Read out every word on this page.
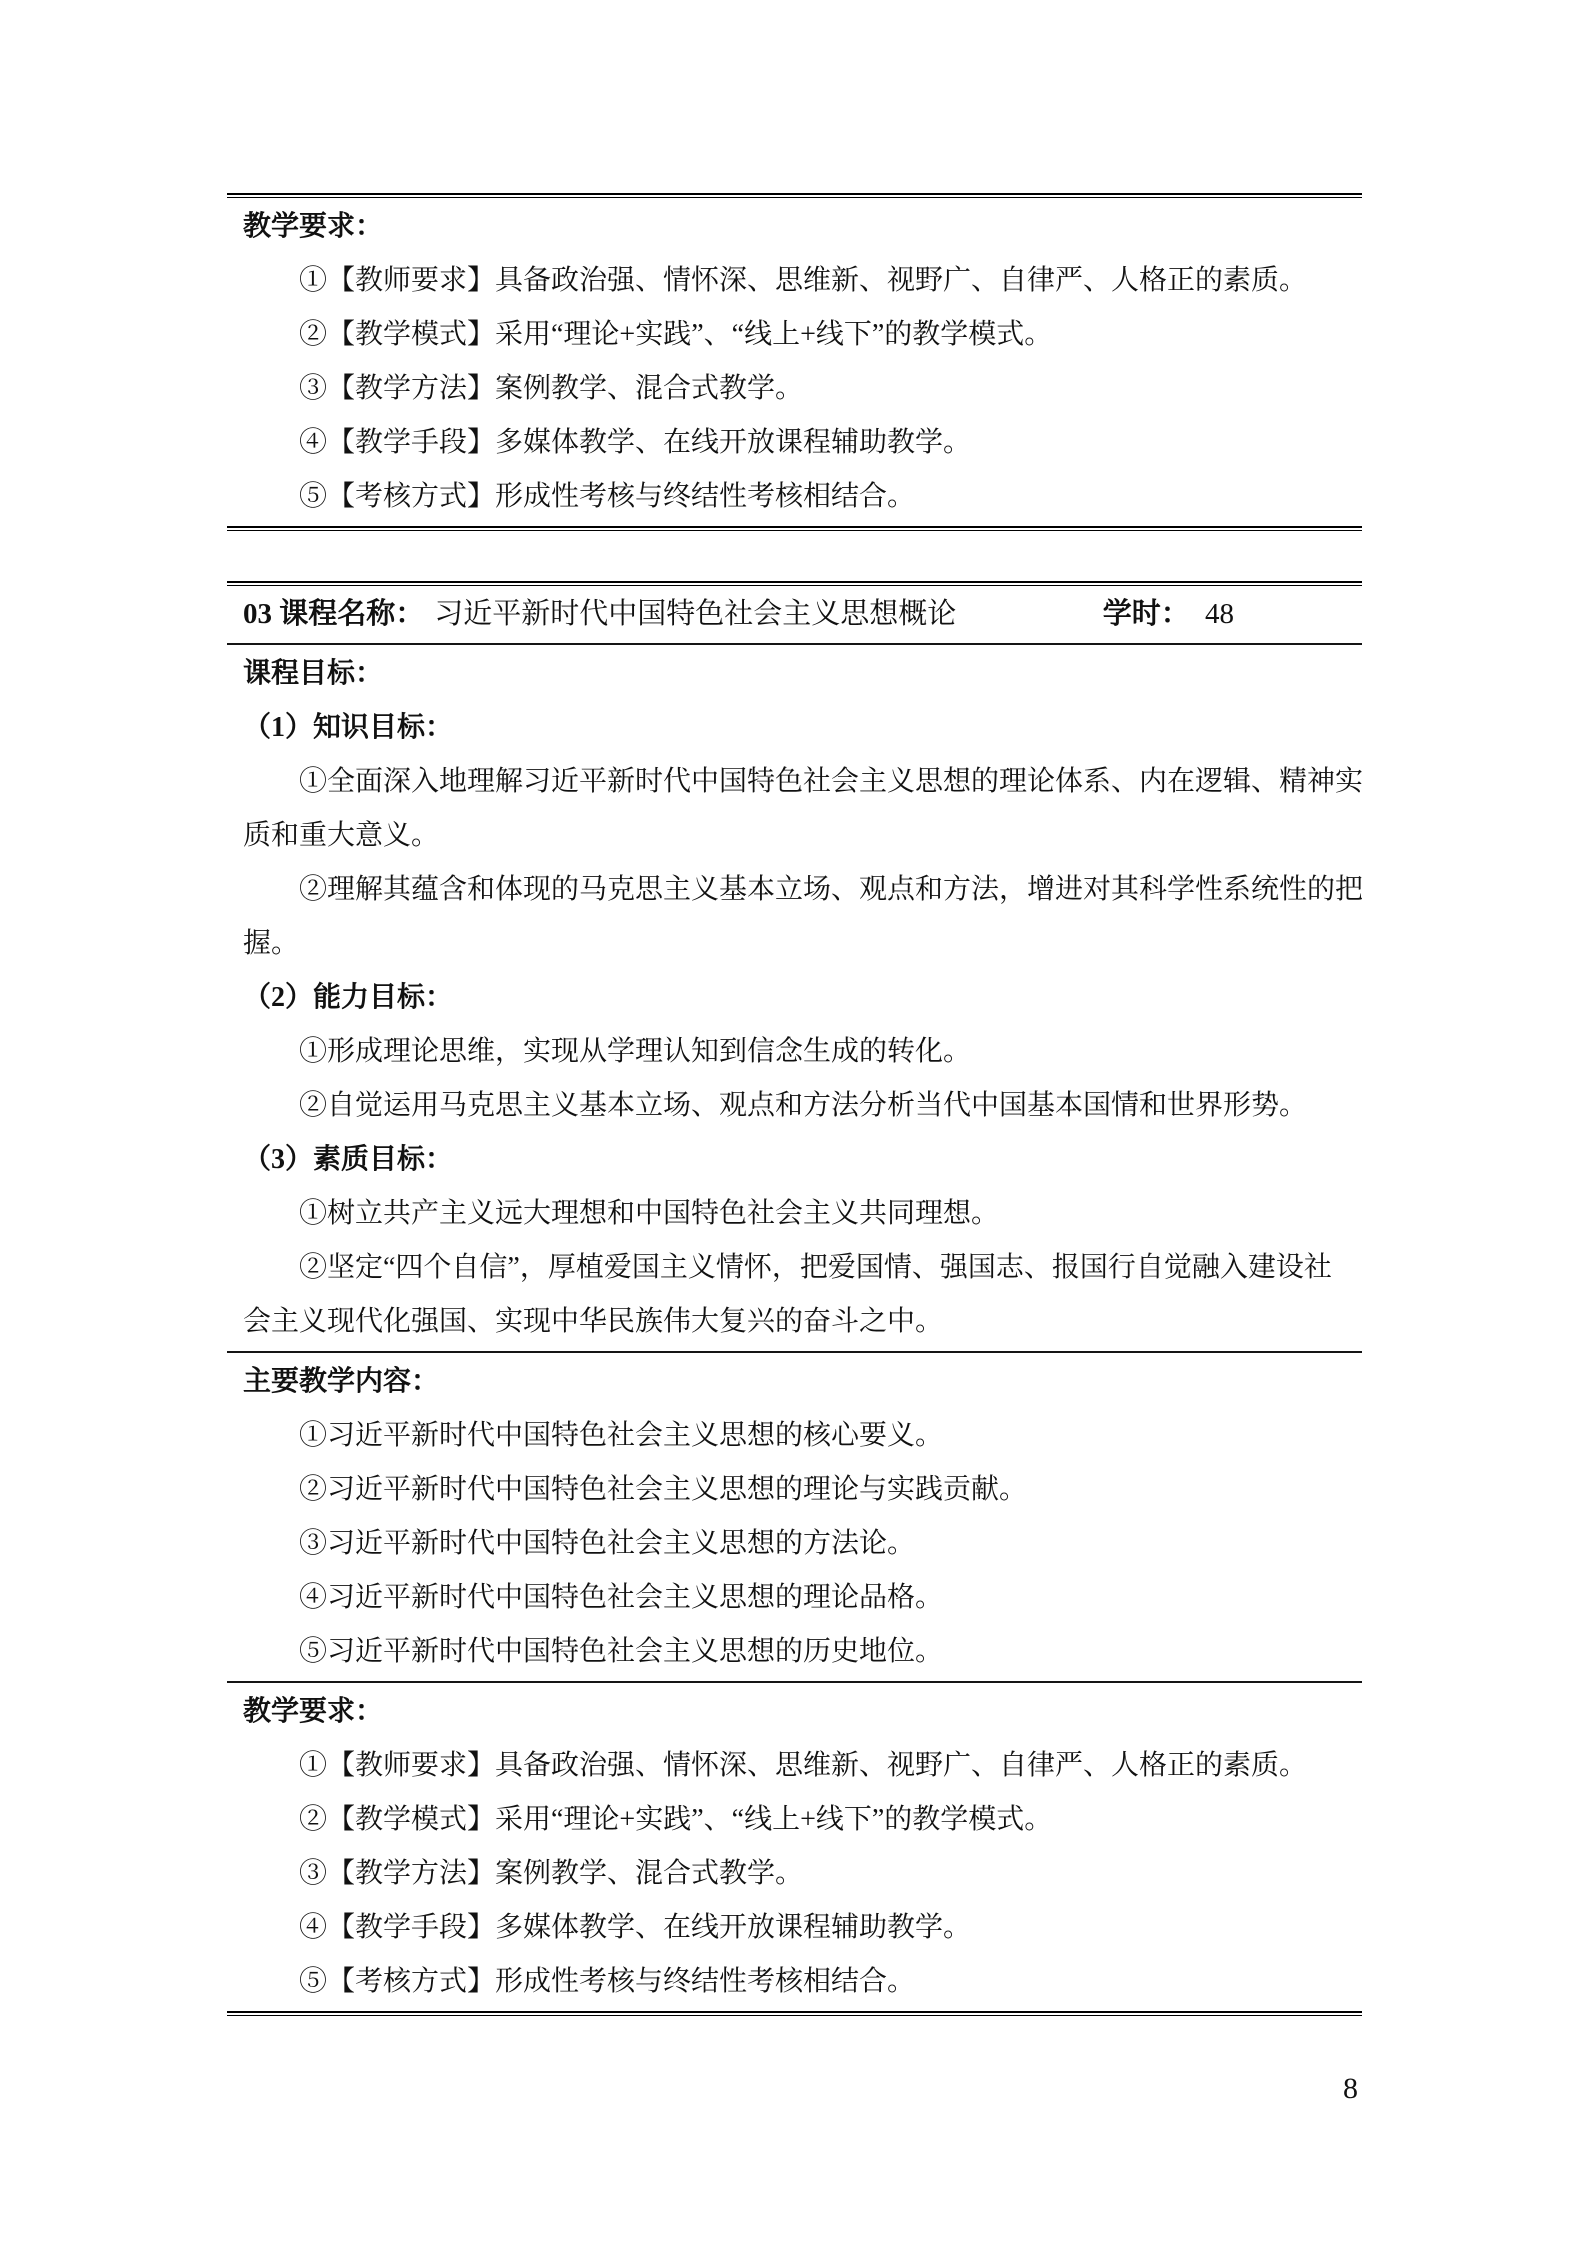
教学要求：

①【教师要求】具备政治强、情怀深、思维新、视野广、自律严、人格正的素质。

②【教学模式】采用“理论+实践”、“线上+线下”的教学模式。

③【教学方法】案例教学、混合式教学。

④【教学手段】多媒体教学、在线开放课程辅助教学。

⑤【考核方式】形成性考核与终结性考核相结合。

03 课程名称： 习近平新时代中国特色社会主义思想概论	学时： 48

课程目标：

（1）知识目标：

①全面深入地理解习近平新时代中国特色社会主义思想的理论体系、内在逻辑、精神实

质和重大意义。

②理解其蕴含和体现的马克思主义基本立场、观点和方法，增进对其科学性系统性的把

握。

（2）能力目标：

①形成理论思维，实现从学理认知到信念生成的转化。

②自觉运用马克思主义基本立场、观点和方法分析当代中国基本国情和世界形势。

（3）素质目标：

①树立共产主义远大理想和中国特色社会主义共同理想。

②坚定“四个自信”，厚植爱国主义情怀，把爱国情、强国志、报国行自觉融入建设社

会主义现代化强国、实现中华民族伟大复兴的奋斗之中。

主要教学内容：

①习近平新时代中国特色社会主义思想的核心要义。

②习近平新时代中国特色社会主义思想的理论与实践贡献。

③习近平新时代中国特色社会主义思想的方法论。

④习近平新时代中国特色社会主义思想的理论品格。

⑤习近平新时代中国特色社会主义思想的历史地位。

教学要求：

①【教师要求】具备政治强、情怀深、思维新、视野广、自律严、人格正的素质。

②【教学模式】采用“理论+实践”、“线上+线下”的教学模式。

③【教学方法】案例教学、混合式教学。

④【教学手段】多媒体教学、在线开放课程辅助教学。

⑤【考核方式】形成性考核与终结性考核相结合。

8
